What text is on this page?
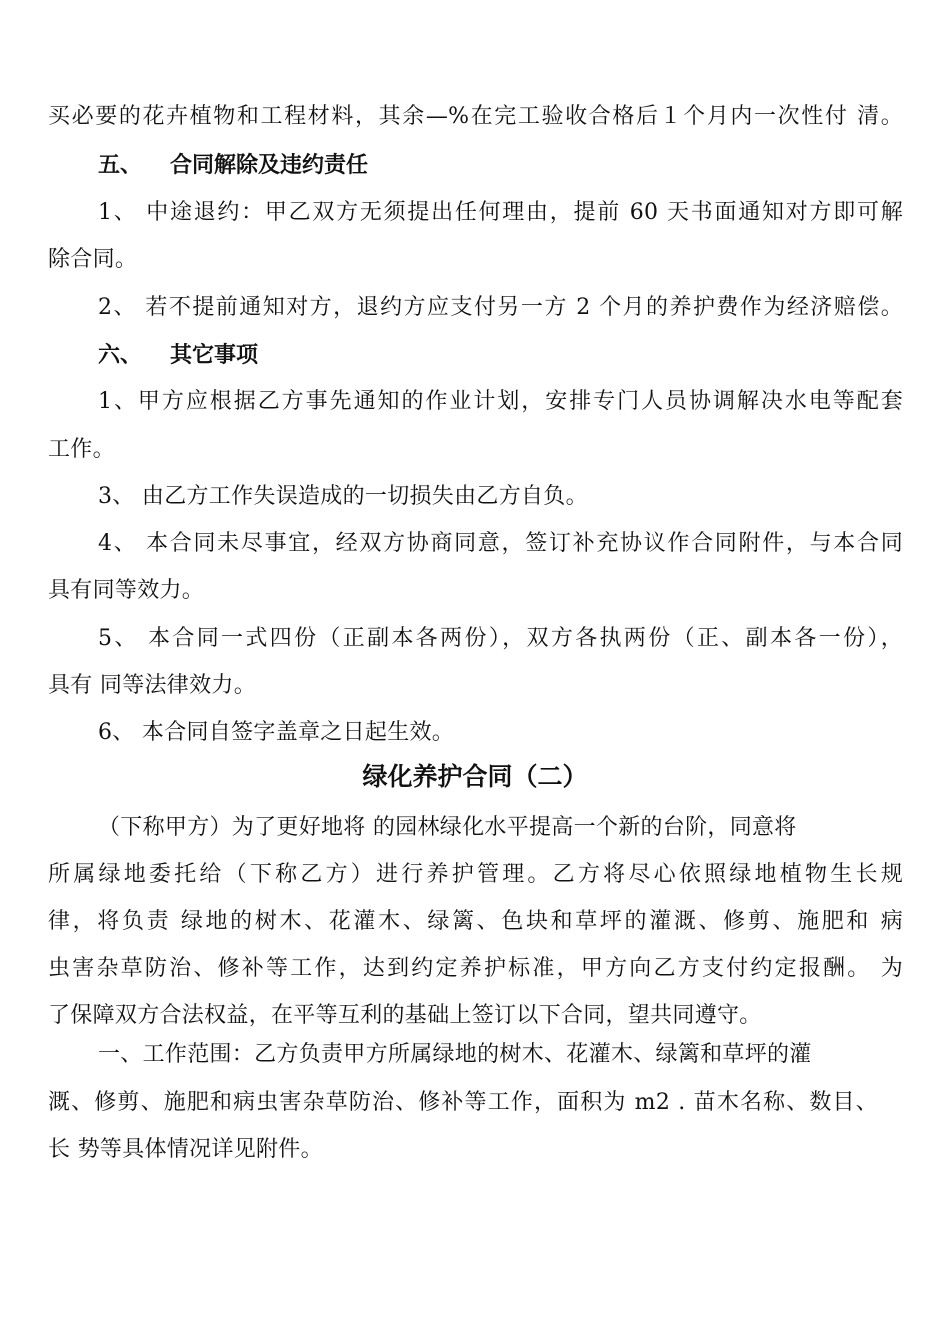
买必要的花卉植物和工程材料，其余—%在完工验收合格后１个月内一次性付 清。
五、 合同解除及违约责任
1、 中途退约：甲乙双方无须提出任何理由，提前 60 天书面通知对方即可解
除合同。
2、 若不提前通知对方，退约方应支付另一方 2 个月的养护费作为经济赔偿。
六、 其它事项
1、甲方应根据乙方事先通知的作业计划，安排专门人员协调解决水电等配套
工作。
3、 由乙方工作失误造成的一切损失由乙方自负。
4、 本合同未尽事宜，经双方协商同意，签订补充协议作合同附件，与本合同
具有同等效力。
5、 本合同一式四份（正副本各两份），双方各执两份（正、副本各一份），
具有 同等法律效力。
6、 本合同自签字盖章之日起生效。
绿化养护合同（二）
（下称甲方）为了更好地将 的园林绿化水平提高一个新的台阶，同意将
所属绿地委托给（下称乙方）进行养护管理。乙方将尽心依照绿地植物生长规
律，将负责 绿地的树木、花灌木、绿篱、色块和草坪的灌溉、修剪、施肥和 病
虫害杂草防治、修补等工作，达到约定养护标准，甲方向乙方支付约定报酬。 为
了保障双方合法权益，在平等互利的基础上签订以下合同，望共同遵守。
一、工作范围：乙方负责甲方所属绿地的树木、花灌木、绿篱和草坪的灌
溉、修剪、施肥和病虫害杂草防治、修补等工作，面积为 m2 . 苗木名称、数目、
长 势等具体情况详见附件。
